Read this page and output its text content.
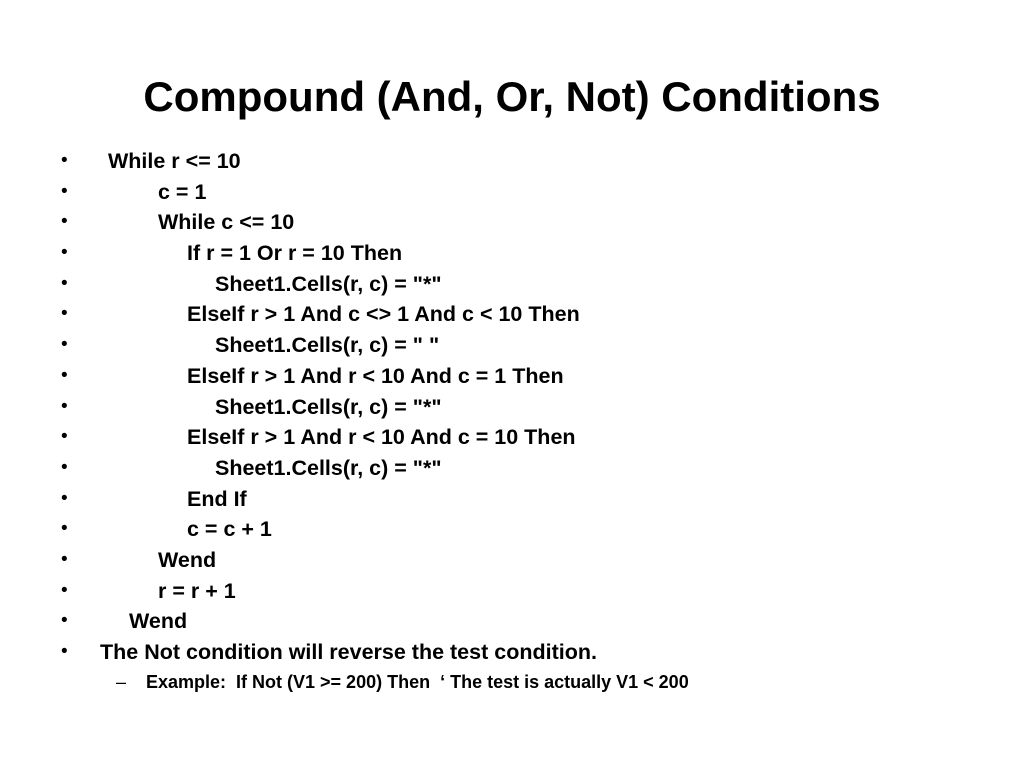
Compound (And, Or, Not) Conditions

•

While r <= 10

•

	c = 1

•

	While c <= 10

•

	If r = 1 Or r = 10 Then

•

	Sheet1.Cells(r, c) = "*"

•

	ElseIf r > 1 And c <> 1 And c < 10 Then

•

	Sheet1.Cells(r, c) = " "

•

	ElseIf r > 1 And r < 10 And c = 1 Then

•

	Sheet1.Cells(r, c) = "*"

•

	ElseIf r > 1 And r < 10 And c = 10 Then

•

	Sheet1.Cells(r, c) = "*"

•

	End If

•

	c = c + 1

•

	Wend

•

	r = r + 1

•

	Wend

•

The Not condition will reverse the test condition.

–

Example:  If Not (V1 >= 200) Then  ‘ The test is actually V1 < 200
